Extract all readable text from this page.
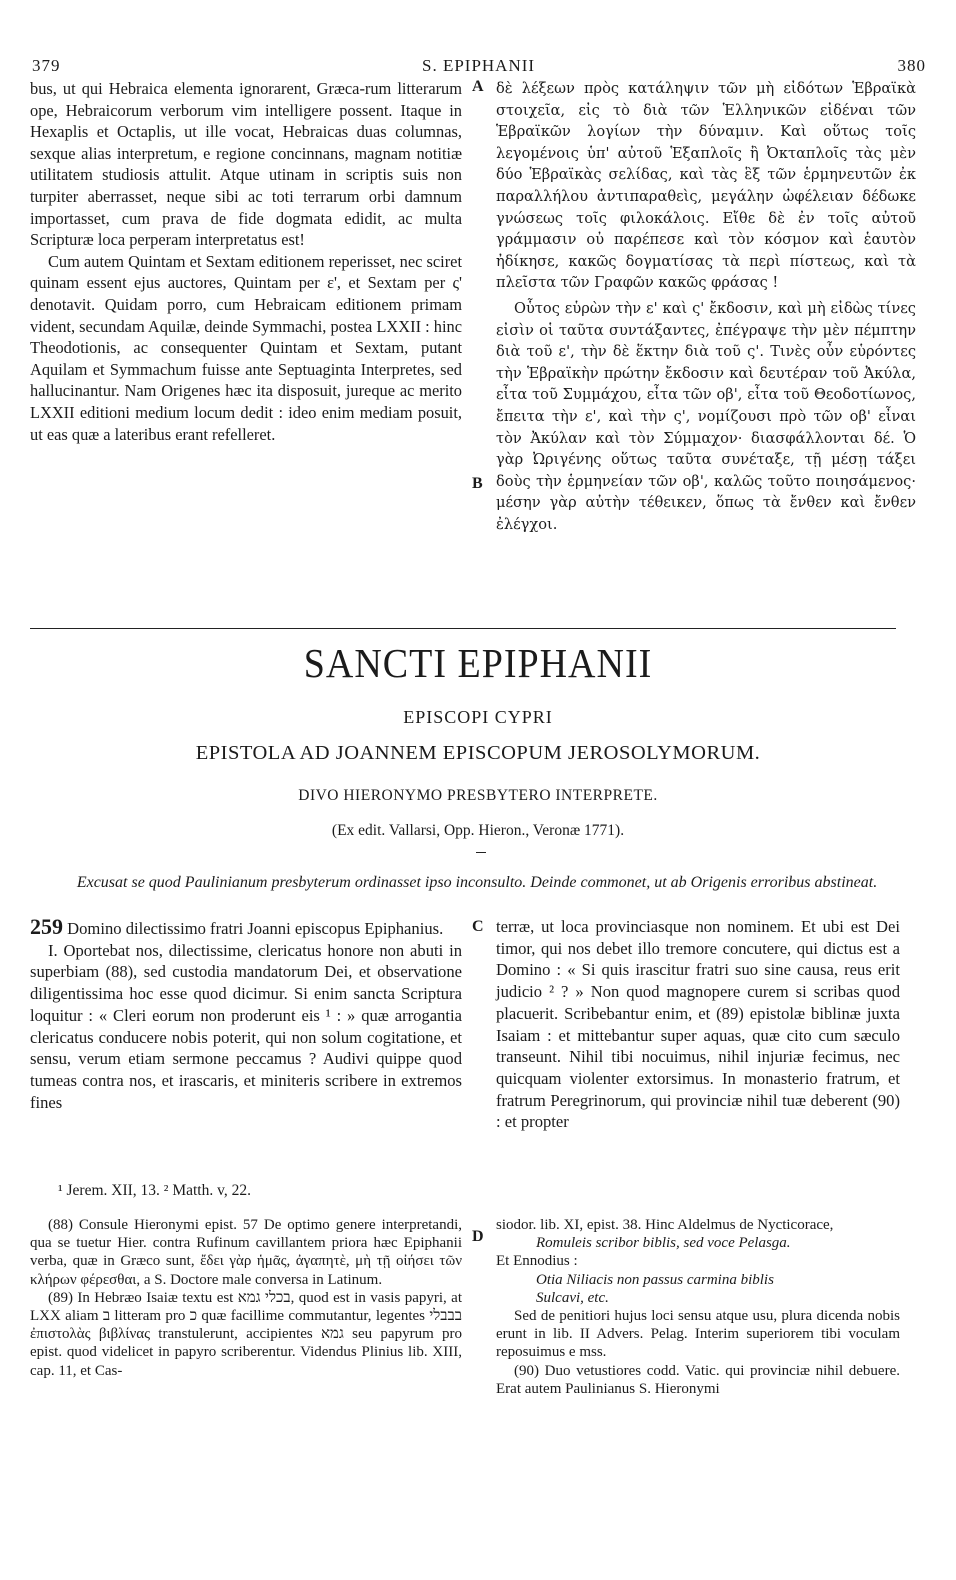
379	S. EPIPHANII	380

bus, ut qui Hebraica elementa ignorarent, Græca-rum litterarum ope, Hebraicorum verborum vim intelligere possent. Itaque in Hexaplis et Octaplis, ut ille vocat, Hebraicas duas columnas, sexque alias interpretum, e regione concinnans, magnam notitiæ utilitatem studiosis attulit. Atque utinam in scriptis suis non turpiter aberrasset, neque sibi ac toti terrarum orbi damnum importasset, cum prava de fide dogmata edidit, ac multa Scripturæ loca perperam interpretatus est!

Cum autem Quintam et Sextam editionem reperisset, nec sciret quinam essent ejus auctores, Quintam per ε', et Sextam per ς' denotavit. Quidam porro, cum Hebraicam editionem primam vident, secundam Aquilæ, deinde Symmachi, postea LXXII : hinc Theodotionis, ac consequenter Quintam et Sextam, putant Aquilam et Symmachum fuisse ante Septuaginta Interpretes, sed hallucinantur. Nam Origenes hæc ita disposuit, jureque ac merito LXXII editioni medium locum dedit : ideo enim mediam posuit, ut eas quæ a lateribus erant refelleret.

δὲ λέξεων πρὸς κατάληψιν τῶν μὴ εἰδότων Ἑβραϊκὰ στοιχεῖα, εἰς τὸ διὰ τῶν Ἑλληνικῶν εἰδέναι τῶν Ἑβραϊκῶν λογίων τὴν δύναμιν. Καὶ οὕτως τοῖς λεγομένοις ὑπ' αὐτοῦ Ἑξαπλοῖς ἢ Ὀκταπλοῖς τὰς μὲν δύο Ἑβραϊκὰς σελίδας, καὶ τὰς ἓξ τῶν ἑρμηνευτῶν ἐκ παραλλήλου ἀντιπαραθεὶς, μεγάλην ὠφέλειαν δέδωκε γνώσεως τοῖς φιλοκάλοις. Εἴθε δὲ ἐν τοῖς αὐτοῦ γράμμασιν οὐ παρέπεσε καὶ τὸν κόσμον καὶ ἑαυτὸν ἠδίκησε, κακῶς δογματίσας τὰ περὶ πίστεως, καὶ τὰ πλεῖστα τῶν Γραφῶν κακῶς φράσας !

Οὗτος εὑρὼν τὴν ε' καὶ ς' ἔκδοσιν, καὶ μὴ εἰδὼς τίνες εἰσὶν οἱ ταῦτα συντάξαντες, ἐπέγραψε τὴν μὲν πέμπτην διὰ τοῦ ε', τὴν δὲ ἕκτην διὰ τοῦ ς'. Τινὲς οὖν εὑρόντες τὴν Ἑβραϊκὴν πρώτην ἔκδοσιν καὶ δευτέραν τοῦ Ἀκύλα, εἶτα τοῦ Συμμάχου, εἶτα τῶν οβ', εἶτα τοῦ Θεοδοτίωνος, ἔπειτα τὴν ε', καὶ τὴν ς', νομίζουσι πρὸ τῶν οβ' εἶναι τὸν Ἀκύλαν καὶ τὸν Σύμμαχον· διασφάλλονται δέ. Ὁ γὰρ Ὠριγένης οὕτως ταῦτα συνέταξε, τῇ μέσῃ τάξει δοὺς τὴν ἑρμηνείαν τῶν οβ', καλῶς τοῦτο ποιησάμενος· μέσην γὰρ αὐτὴν τέθεικεν, ὅπως τὰ ἔνθεν καὶ ἔνθεν ἐλέγχοι.

A
B
SANCTI EPIPHANII
EPISCOPI CYPRI
EPISTOLA AD JOANNEM EPISCOPUM JEROSOLYMORUM.
DIVO HIERONYMO PRESBYTERO INTERPRETE.
(Ex edit. Vallarsi, Opp. Hieron., Veronæ 1771).
Excusat se quod Paulinianum presbyterum ordinasset ipso inconsulto. Deinde commonet, ut ab Origenis erroribus abstineat.

259 Domino dilectissimo fratri Joanni episcopus Epiphanius.

I. Oportebat nos, dilectissime, clericatus honore non abuti in superbiam (88), sed custodia mandatorum Dei, et observatione diligentissima hoc esse quod dicimur. Si enim sancta Scriptura loquitur : « Cleri eorum non proderunt eis ¹ : » quæ arrogantia clericatus conducere nobis poterit, qui non solum cogitatione, et sensu, verum etiam sermone peccamus ? Audivi quippe quod tumeas contra nos, et irascaris, et miniteris scribere in extremos fines

C terræ, ut loca provinciasque non nominem. Et ubi est Dei timor, qui nos debet illo tremore concutere, qui dictus est a Domino : « Si quis irascitur fratri suo sine causa, reus erit judicio ² ? » Non quod magnopere curem si scribas quod placuerit. Scribebantur enim, et (89) epistolæ biblinæ juxta Isaiam : et mittebantur super aquas, quæ cito cum sæculo transeunt. Nihil tibi nocuimus, nihil injuriæ fecimus, nec quicquam violenter extorsimus. In monasterio fratrum, et fratrum Peregrinorum, qui provinciæ nihil tuæ deberent (90) : et propter

¹ Jerem. XII, 13. ² Matth. v, 22.

(88) Consule Hieronymi epist. 57 De optimo genere interpretandi, qua se tuetur Hier. contra Rufinum cavillantem priora hæc Epiphanii verba, quæ in Græco sunt, ἔδει γὰρ ἡμᾶς, ἀγαπητὲ, μὴ τῇ οἰήσει τῶν κλήρων φέρεσθαι, a S. Doctore male conversa in Latinum.

(89) In Hebræo Isaiæ textu est בכלי גמא, quod est in vasis papyri, at LXX aliam ב litteram pro כ quæ facillime commutantur, legentes בבבלי ἐπιστολὰς βιβλίνας transtulerunt, accipientes גמא seu papyrum pro epist. quod videlicet in papyro scriberentur. Videndus Plinius lib. XIII, cap. 11, et Cas-

D

siodor. lib. XI, epist. 38. Hinc Aldelmus de Nycticorace,

Romuleis scribor biblis, sed voce Pelasga.

Et Ennodius :

Otia Niliacis non passus carmina biblis

Sulcavi, etc.

Sed de penitiori hujus loci sensu atque usu, plura dicenda nobis erunt in lib. II Advers. Pelag. Interim superiorem tibi voculam reposuimus e mss.

(90) Duo vetustiores codd. Vatic. qui provinciæ nihil debuere. Erat autem Paulinianus S. Hieronymi
